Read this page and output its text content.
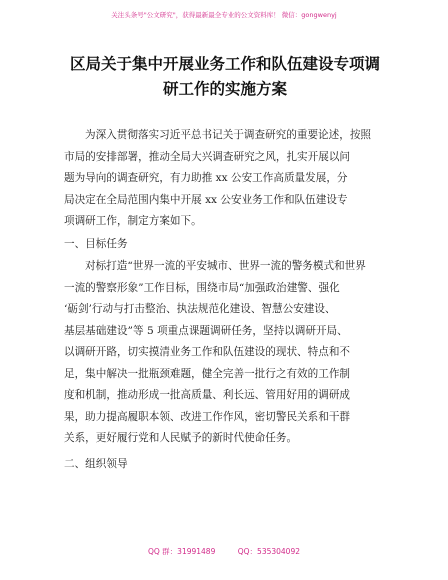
关注头条号"公文研究"，获得最新最全专业的公文资料库！ 微信：gongwenyj
区局关于集中开展业务工作和队伍建设专项调
研工作的实施方案
为深入贯彻落实习近平总书记关于调查研究的重要论述，按照
市局的安排部署，推动全局大兴调查研究之风，扎实开展以问
题为导向的调查研究，有力助推 xx 公安工作高质量发展，分
局决定在全局范围内集中开展 xx 公安业务工作和队伍建设专
项调研工作，制定方案如下。
一、目标任务
对标打造“世界一流的平安城市、世界一流的警务模式和世界
一流的警察形象”工作目标，围绕市局“加强政治建警、强化
‘砺剑’行动与打击整治、执法规范化建设、智慧公安建设、
基层基础建设”等 5 项重点课题调研任务，坚持以调研开局、
以调研开路，切实摸清业务工作和队伍建设的现状、特点和不
足，集中解决一批瓶颈难题，健全完善一批行之有效的工作制
度和机制，推动形成一批高质量、利长远、管用好用的调研成
果，助力提高履职本领、改进工作作风，密切警民关系和干群
关系，更好履行党和人民赋予的新时代使命任务。
二、组织领导
QQ 群：31991489	QQ：535304092
